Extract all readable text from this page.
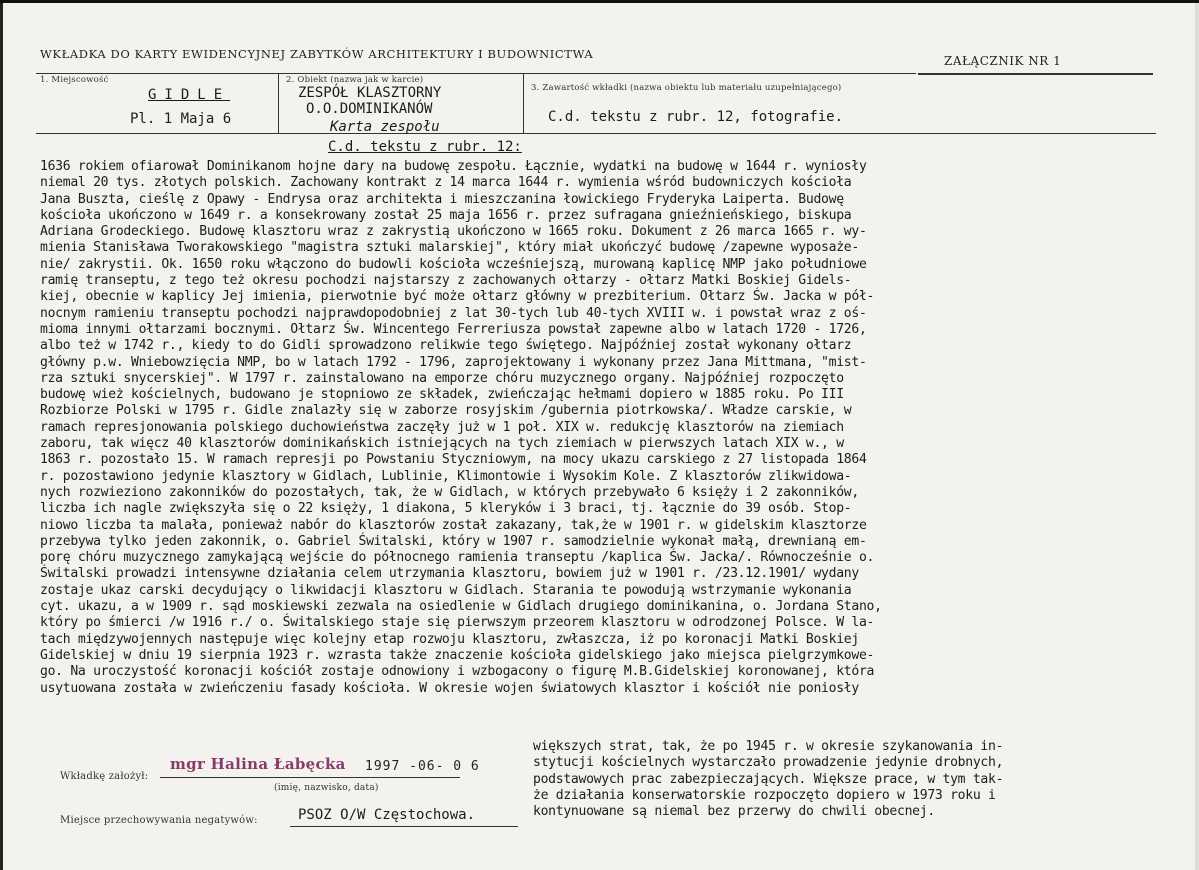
WKŁADKA DO KARTY EWIDENCYJNEJ ZABYTKÓW ARCHITEKTURY I BUDOWNICTWA	ZAŁĄCZNIK NR 1
1. Miejscowość
GIDLE
Pl. 1 Maja 6
2. Obiekt (nazwa jak w karcie)
ZESPÓŁ KLASZTORNY
O.O.DOMINIKANÓW
Karta zespołu
3. Zawartość wkładki (nazwa obiektu lub materiału uzupełniającego)
C.d. tekstu z rubr. 12, fotografie.
C.d. tekstu z rubr. 12:
1636 rokiem ofiarował Dominikanom hojne dary na budowę zespołu. Łącznie, wydatki na budowę w 1644 r. wyniosły
niemal 20 tys. złotych polskich. Zachowany kontrakt z 14 marca 1644 r. wymienia wśród budowniczych kościoła
Jana Buszta, cieślę z Opawy - Endrysa oraz architekta i mieszczanina łowickiego Fryderyka Laiperta. Budowę
kościoła ukończono w 1649 r. a konsekrowany został 25 maja 1656 r. przez sufragana gnieźnieńskiego, biskupa
Adriana Grodeckiego. Budowę klasztoru wraz z zakrystią ukończono w 1665 roku. Dokument z 26 marca 1665 r. wy-
mienia Stanisława Tworakowskiego "magistra sztuki malarskiej", który miał ukończyć budowę /zapewne wyposaże-
nie/ zakrystii. Ok. 1650 roku włączono do budowli kościoła wcześniejszą, murowaną kaplicę NMP jako południowe
ramię transeptu, z tego też okresu pochodzi najstarszy z zachowanych ołtarzy - ołtarz Matki Boskiej Gidels-
kiej, obecnie w kaplicy Jej imienia, pierwotnie być może ołtarz główny w prezbiterium. Ołtarz Św. Jacka w pół-
nocnym ramieniu transeptu pochodzi najprawdopodobniej z lat 30-tych lub 40-tych XVIII w. i powstał wraz z oś-
mioma innymi ołtarzami bocznymi. Ołtarz Św. Wincentego Ferreriusza powstał zapewne albo w latach 1720 - 1726,
albo też w 1742 r., kiedy to do Gidli sprowadzono relikwie tego świętego. Najpóźniej został wykonany ołtarz
główny p.w. Wniebowzięcia NMP, bo w latach 1792 - 1796, zaprojektowany i wykonany przez Jana Mittmana, "mist-
rza sztuki snycerskiej". W 1797 r. zainstalowano na emporze chóru muzycznego organy. Najpóźniej rozpoczęto
budowę wież kościelnych, budowano je stopniowo ze składek, zwieńczając hełmami dopiero w 1885 roku. Po III
Rozbiorze Polski w 1795 r. Gidle znalazły się w zaborze rosyjskim /gubernia piotrkowska/. Władze carskie, w
ramach represjonowania polskiego duchowieństwa zaczęły już w 1 poł. XIX w. redukcję klasztorów na ziemiach
zaboru, tak więcz 40 klasztorów dominikańskich istniejących na tych ziemiach w pierwszych latach XIX w., w
1863 r. pozostało 15. W ramach represji po Powstaniu Styczniowym, na mocy ukazu carskiego z 27 listopada 1864
r. pozostawiono jedynie klasztory w Gidlach, Lublinie, Klimontowie i Wysokim Kole. Z klasztorów zlikwidowa-
nych rozwieziono zakonników do pozostałych, tak, że w Gidlach, w których przebywało 6 księży i 2 zakonników,
liczba ich nagle zwiększyła się o 22 księży, 1 diakona, 5 kleryków i 3 braci, tj. łącznie do 39 osób. Stop-
niowo liczba ta malała, ponieważ nabór do klasztorów został zakazany, tak,że w 1901 r. w gidelskim klasztorze
przebywa tylko jeden zakonnik, o. Gabriel Świtalski, który w 1907 r. samodzielnie wykonał małą, drewnianą em-
porę chóru muzycznego zamykającą wejście do północnego ramienia transeptu /kaplica Św. Jacka/. Równocześnie o.
Świtalski prowadzi intensywne działania celem utrzymania klasztoru, bowiem już w 1901 r. /23.12.1901/ wydany
zostaje ukaz carski decydujący o likwidacji klasztoru w Gidlach. Starania te powodują wstrzymanie wykonania
cyt. ukazu, a w 1909 r. sąd moskiewski zezwala na osiedlenie w Gidlach drugiego dominikanina, o. Jordana Stano,
który po śmierci /w 1916 r./ o. Świtalskiego staje się pierwszym przeorem klasztoru w odrodzonej Polsce. W la-
tach międzywojennych następuje więc kolejny etap rozwoju klasztoru, zwłaszcza, iż po koronacji Matki Boskiej
Gidelskiej w dniu 19 sierpnia 1923 r. wzrasta także znaczenie kościoła gidelskiego jako miejsca pielgrzymkowe-
go. Na uroczystość koronacji kościół zostaje odnowiony i wzbogacony o figurę M.B.Gidelskiej koronowanej, która
usytuowana została w zwieńczeniu fasady kościoła. W okresie wojen światowych klasztor i kościół nie poniosły
większych strat, tak, że po 1945 r. w okresie szykanowania in-
stytucji kościelnych wystarczało prowadzenie jedynie drobnych,
podstawowych prac zabezpieczających. Większe prace, w tym tak-
że działania konserwatorskie rozpoczęto dopiero w 1973 roku i
kontynuowane są niemal bez przerwy do chwili obecnej.
Wkładkę założył:
mgr Halina Łabęcka 1997 -06- 0 6
(imię, nazwisko, data)
Miejsce przechowywania negatywów:	PSOZ O/W Częstochowa.
